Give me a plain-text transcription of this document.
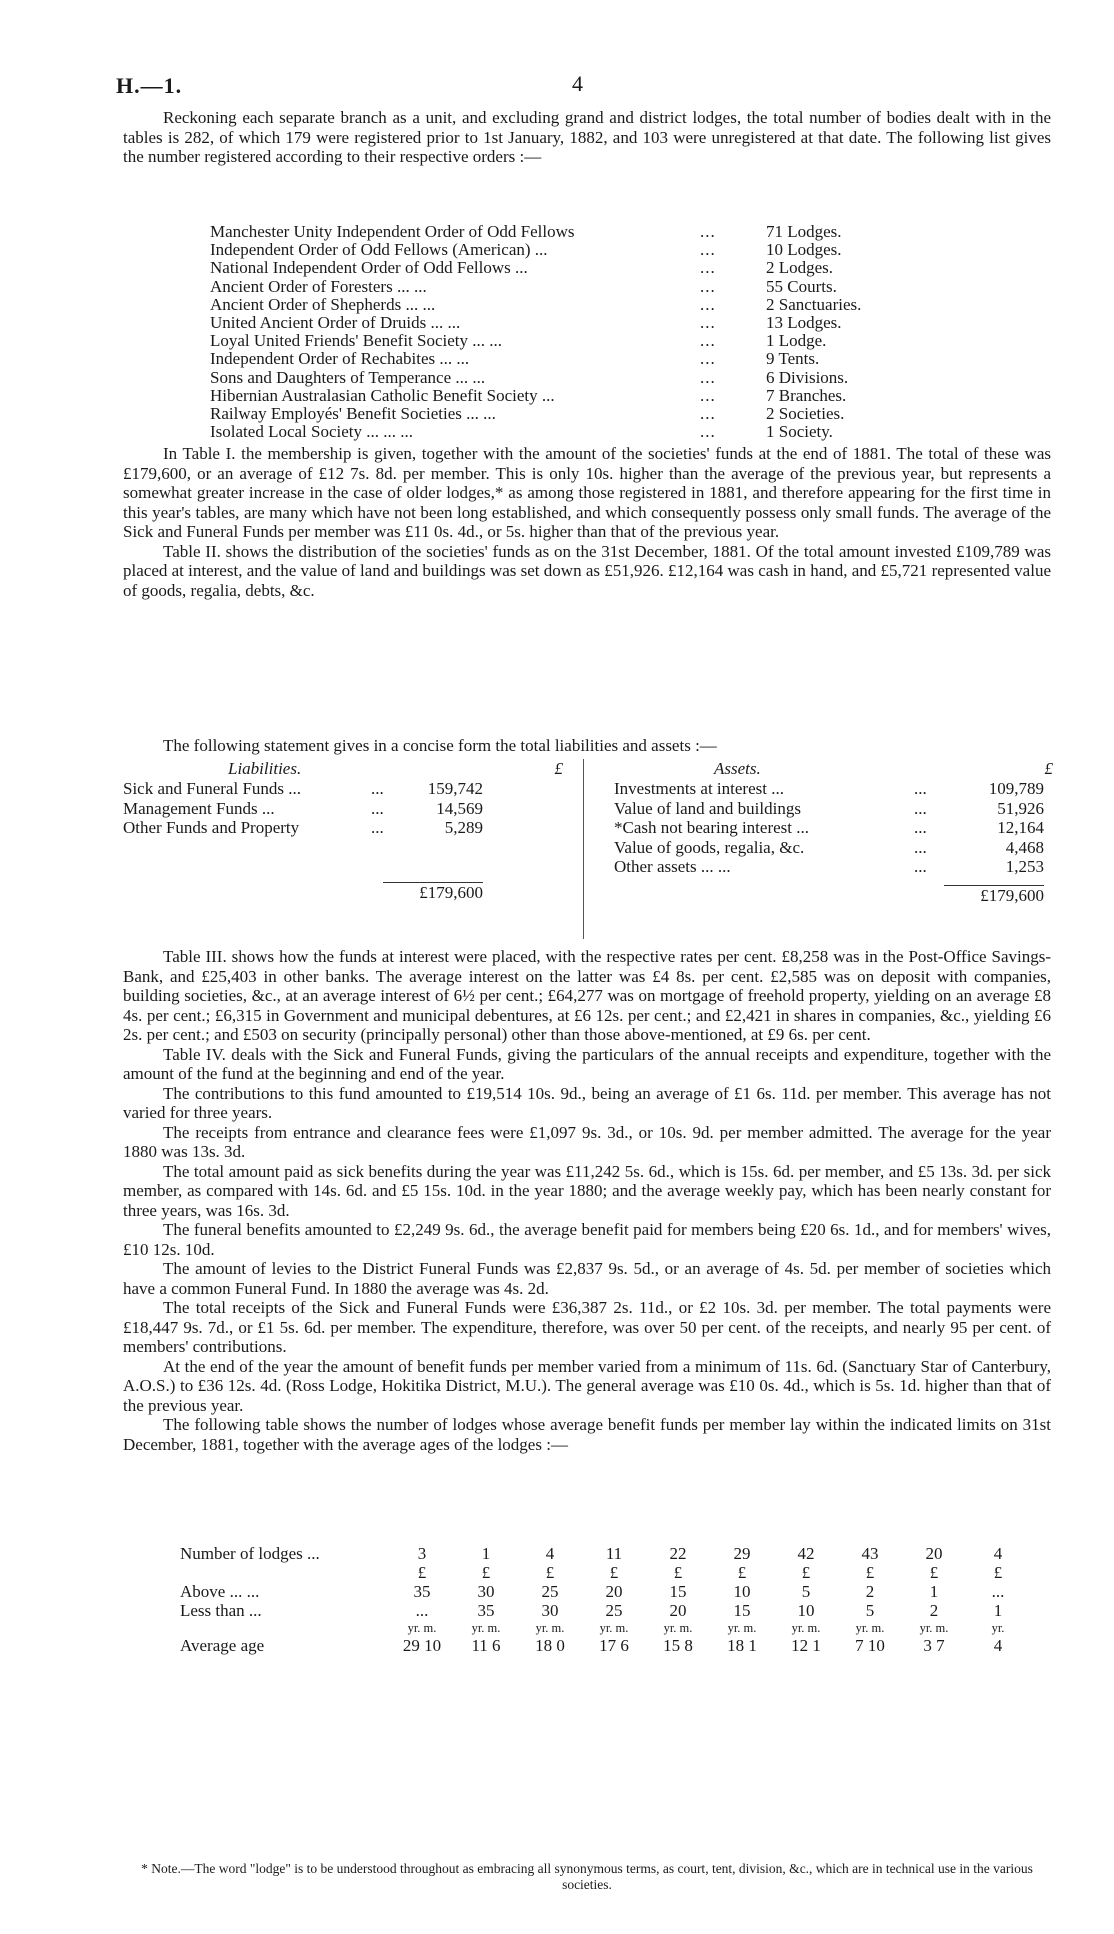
H.—1.	4

Reckoning each separate branch as a unit, and excluding grand and district lodges, the total number of bodies dealt with in the tables is 282, of which 179 were registered prior to 1st January, 1882, and 103 were unregistered at that date. The following list gives the number registered according to their respective orders :—

Manchester Unity Independent Order of Odd Fellows	...	71 Lodges.
Independent Order of Odd Fellows (American) ...	...	10 Lodges.
National Independent Order of Odd Fellows ...	...	2 Lodges.
Ancient Order of Foresters ... ...	...	55 Courts.
Ancient Order of Shepherds ... ...	...	2 Sanctuaries.
United Ancient Order of Druids ... ...	...	13 Lodges.
Loyal United Friends' Benefit Society ... ...	...	1 Lodge.
Independent Order of Rechabites ... ...	...	9 Tents.
Sons and Daughters of Temperance ... ...	...	6 Divisions.
Hibernian Australasian Catholic Benefit Society ...	...	7 Branches.
Railway Employés' Benefit Societies ... ...	...	2 Societies.
Isolated Local Society ... ... ...	...	1 Society.

In Table I. the membership is given, together with the amount of the societies' funds at the end of 1881. The total of these was £179,600, or an average of £12 7s. 8d. per member. This is only 10s. higher than the average of the previous year, but represents a somewhat greater increase in the case of older lodges,* as among those registered in 1881, and therefore appearing for the first time in this year's tables, are many which have not been long established, and which consequently possess only small funds. The average of the Sick and Funeral Funds per member was £11 0s. 4d., or 5s. higher than that of the previous year.

Table II. shows the distribution of the societies' funds as on the 31st December, 1881. Of the total amount invested £109,789 was placed at interest, and the value of land and buildings was set down as £51,926. £12,164 was cash in hand, and £5,721 represented value of goods, regalia, debts, &c.

The following statement gives in a concise form the total liabilities and assets :—

Liabilities.	£
Sick and Funeral Funds ...	...	159,742
Management Funds ...	...	14,569
Other Funds and Property	...	5,289
£179,600
Assets.	£
Investments at interest ...	...	109,789
Value of land and buildings	...	51,926
*Cash not bearing interest ...	...	12,164
Value of goods, regalia, &c.	...	4,468
Other assets ... ...	...	1,253
£179,600

Table III. shows how the funds at interest were placed, with the respective rates per cent. £8,258 was in the Post-Office Savings-Bank, and £25,403 in other banks. The average interest on the latter was £4 8s. per cent. £2,585 was on deposit with companies, building societies, &c., at an average interest of 6½ per cent.; £64,277 was on mortgage of freehold property, yielding on an average £8 4s. per cent.; £6,315 in Government and municipal debentures, at £6 12s. per cent.; and £2,421 in shares in companies, &c., yielding £6 2s. per cent.; and £503 on security (principally personal) other than those above-mentioned, at £9 6s. per cent.

Table IV. deals with the Sick and Funeral Funds, giving the particulars of the annual receipts and expenditure, together with the amount of the fund at the beginning and end of the year.

The contributions to this fund amounted to £19,514 10s. 9d., being an average of £1 6s. 11d. per member. This average has not varied for three years.

The receipts from entrance and clearance fees were £1,097 9s. 3d., or 10s. 9d. per member admitted. The average for the year 1880 was 13s. 3d.

The total amount paid as sick benefits during the year was £11,242 5s. 6d., which is 15s. 6d. per member, and £5 13s. 3d. per sick member, as compared with 14s. 6d. and £5 15s. 10d. in the year 1880; and the average weekly pay, which has been nearly constant for three years, was 16s. 3d.

The funeral benefits amounted to £2,249 9s. 6d., the average benefit paid for members being £20 6s. 1d., and for members' wives, £10 12s. 10d.

The amount of levies to the District Funeral Funds was £2,837 9s. 5d., or an average of 4s. 5d. per member of societies which have a common Funeral Fund. In 1880 the average was 4s. 2d.

The total receipts of the Sick and Funeral Funds were £36,387 2s. 11d., or £2 10s. 3d. per member. The total payments were £18,447 9s. 7d., or £1 5s. 6d. per member. The expenditure, therefore, was over 50 per cent. of the receipts, and nearly 95 per cent. of members' contributions.

At the end of the year the amount of benefit funds per member varied from a minimum of 11s. 6d. (Sanctuary Star of Canterbury, A.O.S.) to £36 12s. 4d. (Ross Lodge, Hokitika District, M.U.). The general average was £10 0s. 4d., which is 5s. 1d. higher than that of the previous year.

The following table shows the number of lodges whose average benefit funds per member lay within the indicated limits on 31st December, 1881, together with the average ages of the lodges :—

Number of lodges ...	3	1	4	11	22	29	42	43	20	4
£	£	£	£	£	£	£	£	£	£
Above ... ...	35	30	25	20	15	10	5	2	1	...
Less than ...	...	35	30	25	20	15	10	5	2	1
yr. m.	yr. m.	yr. m.	yr. m.	yr. m.	yr. m.	yr. m.	yr. m.	yr. m.	yr.
Average age	29 10	11 6	18 0	17 6	15 8	18 1	12 1	7 10	3 7	4
* Note.—The word "lodge" is to be understood throughout as embracing all synonymous terms, as court, tent, division, &c., which are in technical use in the various societies.
